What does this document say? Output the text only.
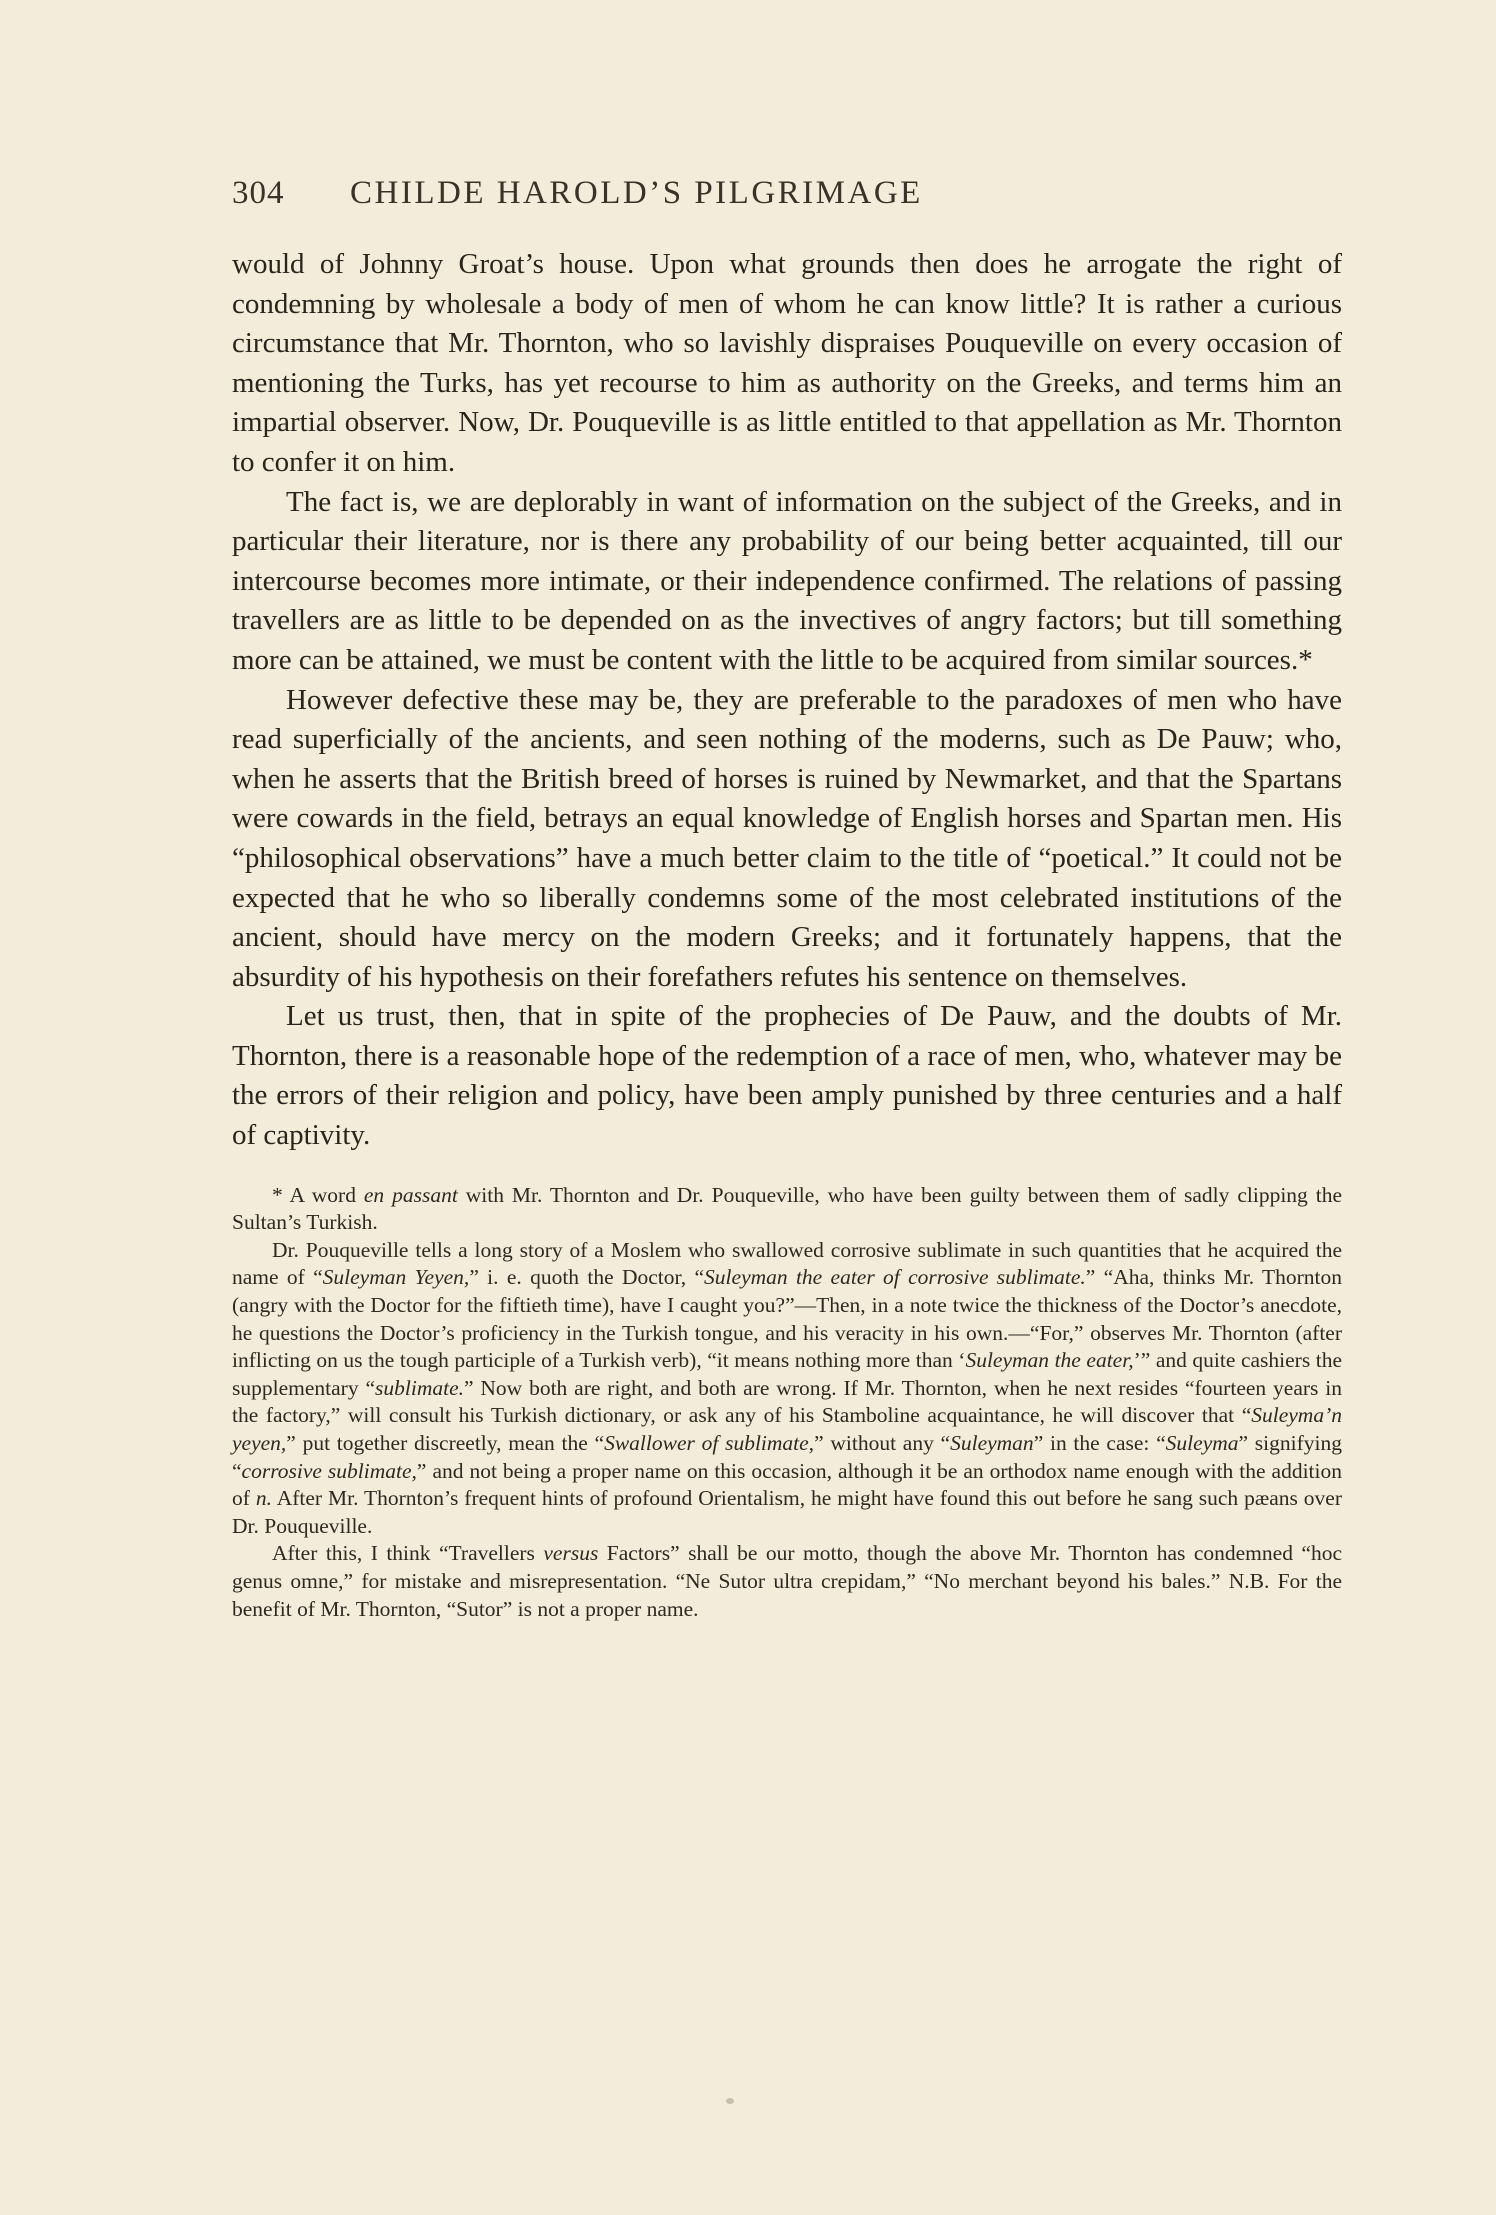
304	CHILDE HAROLD’S PILGRIMAGE

would of Johnny Groat’s house. Upon what grounds then does he arrogate the right of condemning by wholesale a body of men of whom he can know little? It is rather a curious circumstance that Mr. Thornton, who so lavishly dispraises Pouqueville on every occasion of mentioning the Turks, has yet recourse to him as authority on the Greeks, and terms him an impartial observer. Now, Dr. Pouqueville is as little entitled to that appellation as Mr. Thornton to confer it on him.

The fact is, we are deplorably in want of information on the subject of the Greeks, and in particular their literature, nor is there any probability of our being better acquainted, till our intercourse becomes more intimate, or their independence confirmed. The relations of passing travellers are as little to be depended on as the invectives of angry factors; but till something more can be attained, we must be content with the little to be acquired from similar sources.*

However defective these may be, they are preferable to the paradoxes of men who have read superficially of the ancients, and seen nothing of the moderns, such as De Pauw; who, when he asserts that the British breed of horses is ruined by Newmarket, and that the Spartans were cowards in the field, betrays an equal knowledge of English horses and Spartan men. His “philosophical observations” have a much better claim to the title of “poetical.” It could not be expected that he who so liberally condemns some of the most celebrated institutions of the ancient, should have mercy on the modern Greeks; and it fortunately happens, that the absurdity of his hypothesis on their forefathers refutes his sentence on themselves.

Let us trust, then, that in spite of the prophecies of De Pauw, and the doubts of Mr. Thornton, there is a reasonable hope of the redemption of a race of men, who, whatever may be the errors of their religion and policy, have been amply punished by three centuries and a half of captivity.

* A word en passant with Mr. Thornton and Dr. Pouqueville, who have been guilty between them of sadly clipping the Sultan’s Turkish.

Dr. Pouqueville tells a long story of a Moslem who swallowed corrosive sublimate in such quantities that he acquired the name of “Suleyman Yeyen,” i. e. quoth the Doctor, “Suleyman the eater of corrosive sublimate.” “Aha, thinks Mr. Thornton (angry with the Doctor for the fiftieth time), have I caught you?”—Then, in a note twice the thickness of the Doctor’s anecdote, he questions the Doctor’s proficiency in the Turkish tongue, and his veracity in his own.—“For,” observes Mr. Thornton (after inflicting on us the tough participle of a Turkish verb), “it means nothing more than ‘Suleyman the eater,’” and quite cashiers the supplementary “sublimate.” Now both are right, and both are wrong. If Mr. Thornton, when he next resides “fourteen years in the factory,” will consult his Turkish dictionary, or ask any of his Stamboline acquaintance, he will discover that “Suleyma’n yeyen,” put together discreetly, mean the “Swallower of sublimate,” without any “Suleyman” in the case: “Suleyma” signifying “corrosive sublimate,” and not being a proper name on this occasion, although it be an orthodox name enough with the addition of n. After Mr. Thornton’s frequent hints of profound Orientalism, he might have found this out before he sang such pæans over Dr. Pouqueville.

After this, I think “Travellers versus Factors” shall be our motto, though the above Mr. Thornton has condemned “hoc genus omne,” for mistake and misrepresentation. “Ne Sutor ultra crepidam,” “No merchant beyond his bales.” N.B. For the benefit of Mr. Thornton, “Sutor” is not a proper name.
